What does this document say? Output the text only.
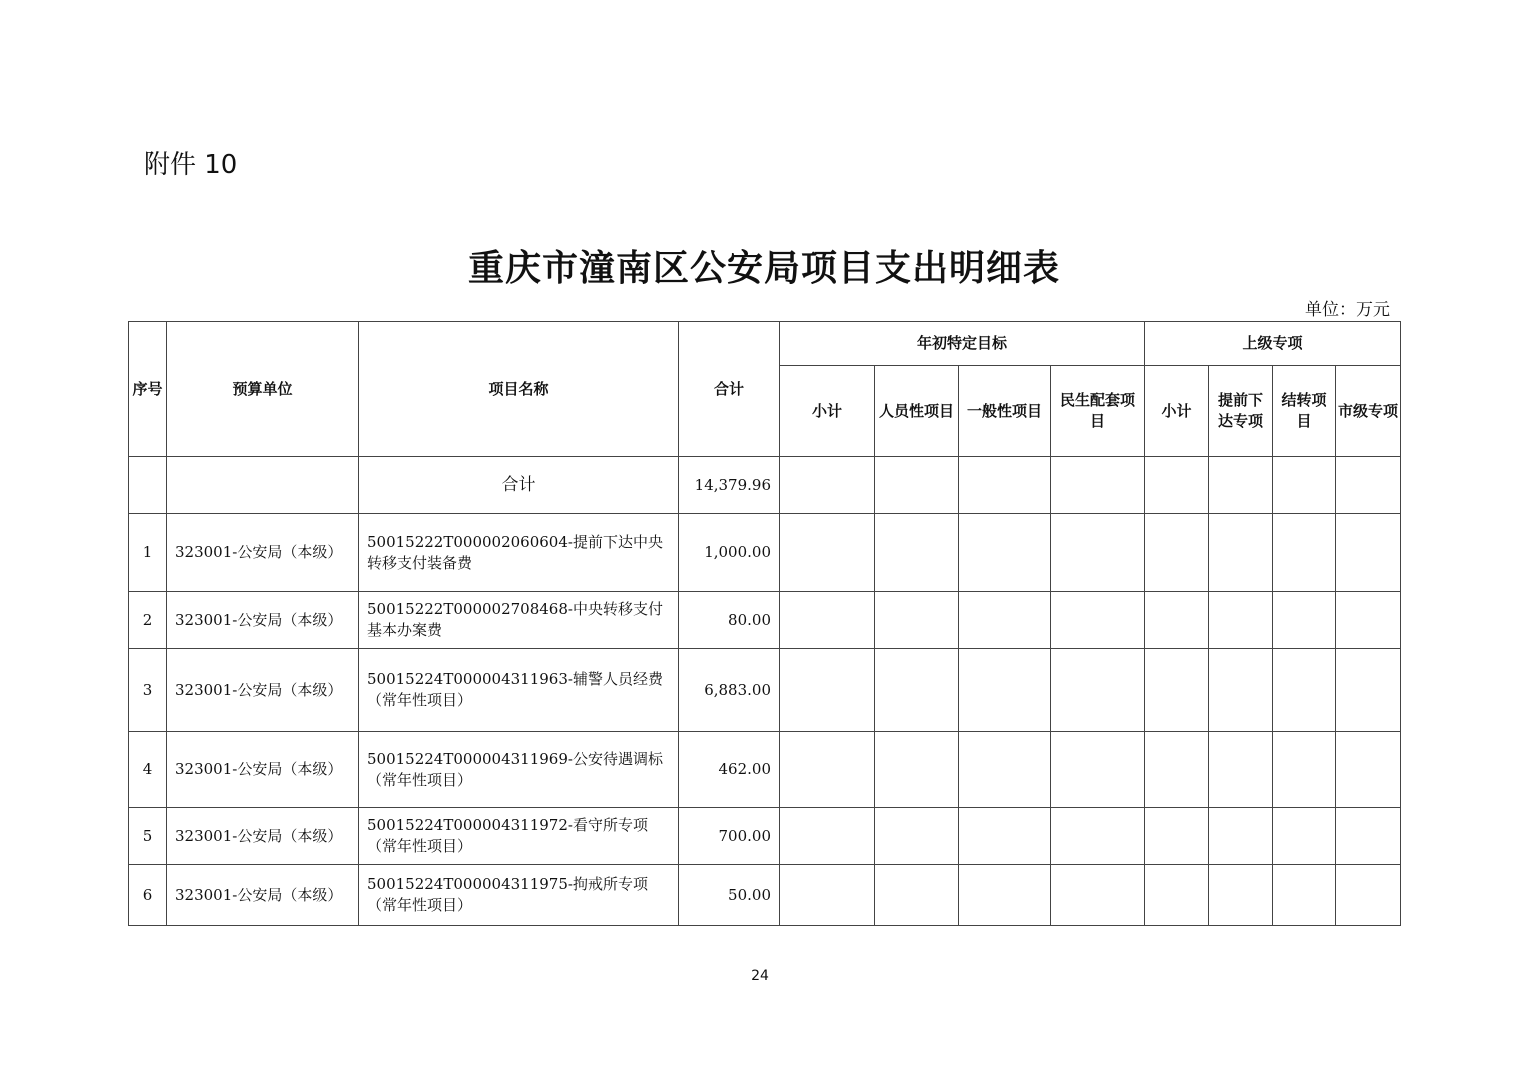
附件 10
重庆市潼南区公安局项目支出明细表
单位：万元
序号	预算单位	项目名称	合计	年初特定目标				上级专项			
				小计	人员性项目	一般性项目	民生配套项目	小计	提前下达专项	结转项目	市级专项
		合计	14,379.96								
1	323001-公安局（本级）	50015222T000002060604-提前下达中央转移支付装备费	1,000.00								
2	323001-公安局（本级）	50015222T000002708468-中央转移支付基本办案费	80.00								
3	323001-公安局（本级）	50015224T000004311963-辅警人员经费（常年性项目）	6,883.00								
4	323001-公安局（本级）	50015224T000004311969-公安待遇调标（常年性项目）	462.00								
5	323001-公安局（本级）	50015224T000004311972-看守所专项（常年性项目）	700.00								
6	323001-公安局（本级）	50015224T000004311975-拘戒所专项（常年性项目）	50.00								
24
